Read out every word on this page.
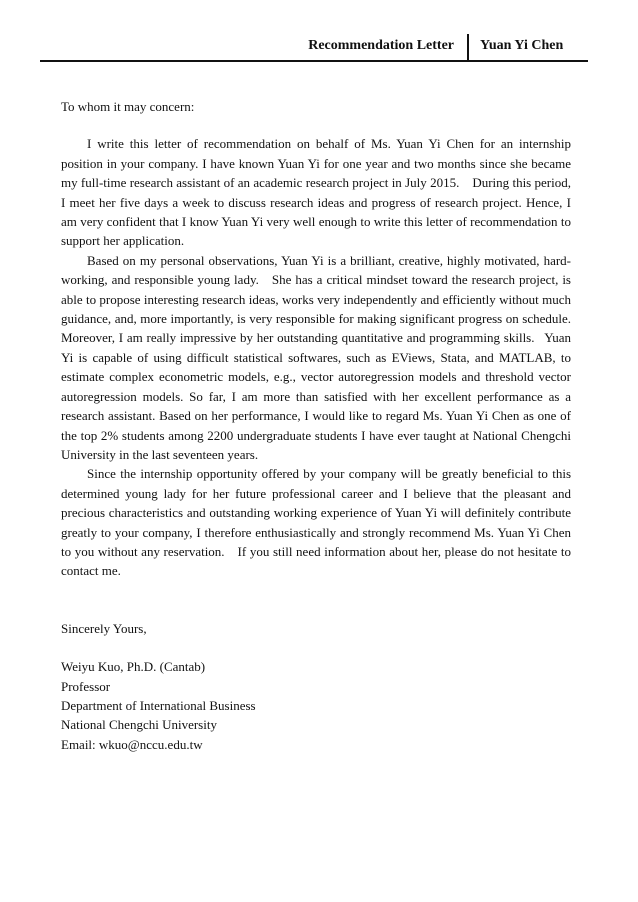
Recommendation Letter Yuan Yi Chen

To whom it may concern:

I write this letter of recommendation on behalf of Ms. Yuan Yi Chen for an internship position in your company. I have known Yuan Yi for one year and two months since she became my full-time research assistant of an academic research project in July 2015. During this period, I meet her five days a week to discuss research ideas and progress of research project. Hence, I am very confident that I know Yuan Yi very well enough to write this letter of recommendation to support her application.

Based on my personal observations, Yuan Yi is a brilliant, creative, highly motivated, hard-working, and responsible young lady. She has a critical mindset toward the research project, is able to propose interesting research ideas, works very independently and efficiently without much guidance, and, more importantly, is very responsible for making significant progress on schedule. Moreover, I am really impressive by her outstanding quantitative and programming skills.  Yuan Yi is capable of using difficult statistical softwares, such as EViews, Stata, and MATLAB, to estimate complex econometric models, e.g., vector autoregression models and threshold vector autoregression models. So far, I am more than satisfied with her excellent performance as a research assistant. Based on her performance, I would like to regard Ms. Yuan Yi Chen as one of the top 2% students among 2200 undergraduate students I have ever taught at National Chengchi University in the last seventeen years.

Since the internship opportunity offered by your company will be greatly beneficial to this determined young lady for her future professional career and I believe that the pleasant and precious characteristics and outstanding working experience of Yuan Yi will definitely contribute greatly to your company, I therefore enthusiastically and strongly recommend Ms. Yuan Yi Chen to you without any reservation. If you still need information about her, please do not hesitate to contact me.

Sincerely Yours,

Weiyu Kuo, Ph.D. (Cantab)
Professor
Department of International Business
National Chengchi University
Email: wkuo@nccu.edu.tw
